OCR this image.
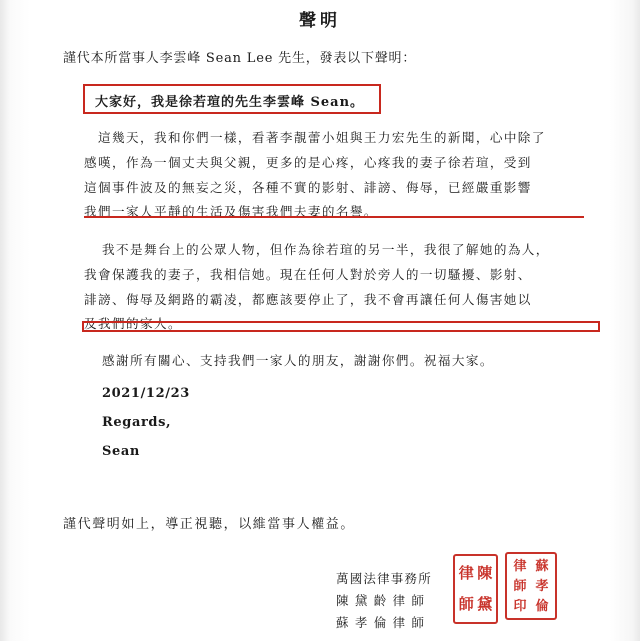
聲明
謹代本所當事人李雲峰 Sean Lee 先生，發表以下聲明：
大家好，我是徐若瑄的先生李雲峰 Sean。
這幾天，我和你們一樣，看著李靚蕾小姐與王力宏先生的新聞，心中除了
感嘆，作為一個丈夫與父親，更多的是心疼，心疼我的妻子徐若瑄，受到
這個事件波及的無妄之災，各種不實的影射、誹謗、侮辱，已經嚴重影響
我們一家人平靜的生活及傷害我們夫妻的名譽。
我不是舞台上的公眾人物，但作為徐若瑄的另一半，我很了解她的為人，
我會保護我的妻子，我相信她。現在任何人對於旁人的一切騷擾、影射、
誹謗、侮辱及網路的霸凌，都應該要停止了，我不會再讓任何人傷害她以
及我們的家人。
感謝所有關心、支持我們一家人的朋友，謝謝你們。祝福大家。
2021/12/23
Regards,
Sean
謹代聲明如上，導正視聽，以維當事人權益。
萬國法律事務所
陳 黛 齡 律 師
蘇 孝 倫 律 師
律 陳
師 黛
律 蘇
師 孝
印 倫
